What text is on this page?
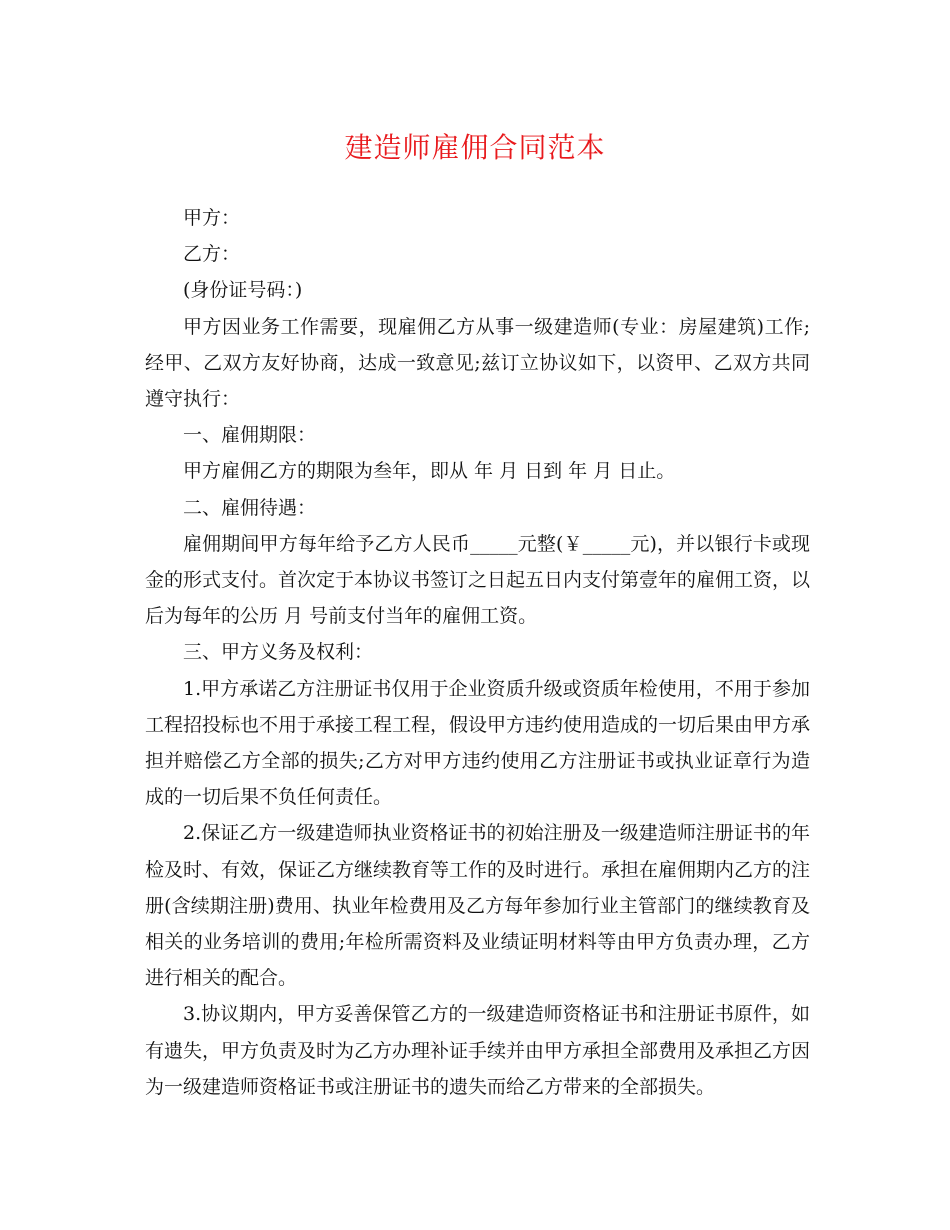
建造师雇佣合同范本

甲方：

乙方：

(身份证号码：)

甲方因业务工作需要，现雇佣乙方从事一级建造师(专业：房屋建筑)工作;经甲、乙双方友好协商，达成一致意见;兹订立协议如下，以资甲、乙双方共同遵守执行：

一、雇佣期限：

甲方雇佣乙方的期限为叁年，即从 年 月 日到 年 月 日止。

二、雇佣待遇：

雇佣期间甲方每年给予乙方人民币_____元整(￥_____元)，并以银行卡或现金的形式支付。首次定于本协议书签订之日起五日内支付第壹年的雇佣工资，以后为每年的公历 月 号前支付当年的雇佣工资。

三、甲方义务及权利：

1.甲方承诺乙方注册证书仅用于企业资质升级或资质年检使用，不用于参加工程招投标也不用于承接工程工程，假设甲方违约使用造成的一切后果由甲方承担并赔偿乙方全部的损失;乙方对甲方违约使用乙方注册证书或执业证章行为造成的一切后果不负任何责任。

2.保证乙方一级建造师执业资格证书的初始注册及一级建造师注册证书的年检及时、有效，保证乙方继续教育等工作的及时进行。承担在雇佣期内乙方的注册(含续期注册)费用、执业年检费用及乙方每年参加行业主管部门的继续教育及相关的业务培训的费用;年检所需资料及业绩证明材料等由甲方负责办理，乙方进行相关的配合。

3.协议期内，甲方妥善保管乙方的一级建造师资格证书和注册证书原件，如有遗失，甲方负责及时为乙方办理补证手续并由甲方承担全部费用及承担乙方因为一级建造师资格证书或注册证书的遗失而给乙方带来的全部损失。
